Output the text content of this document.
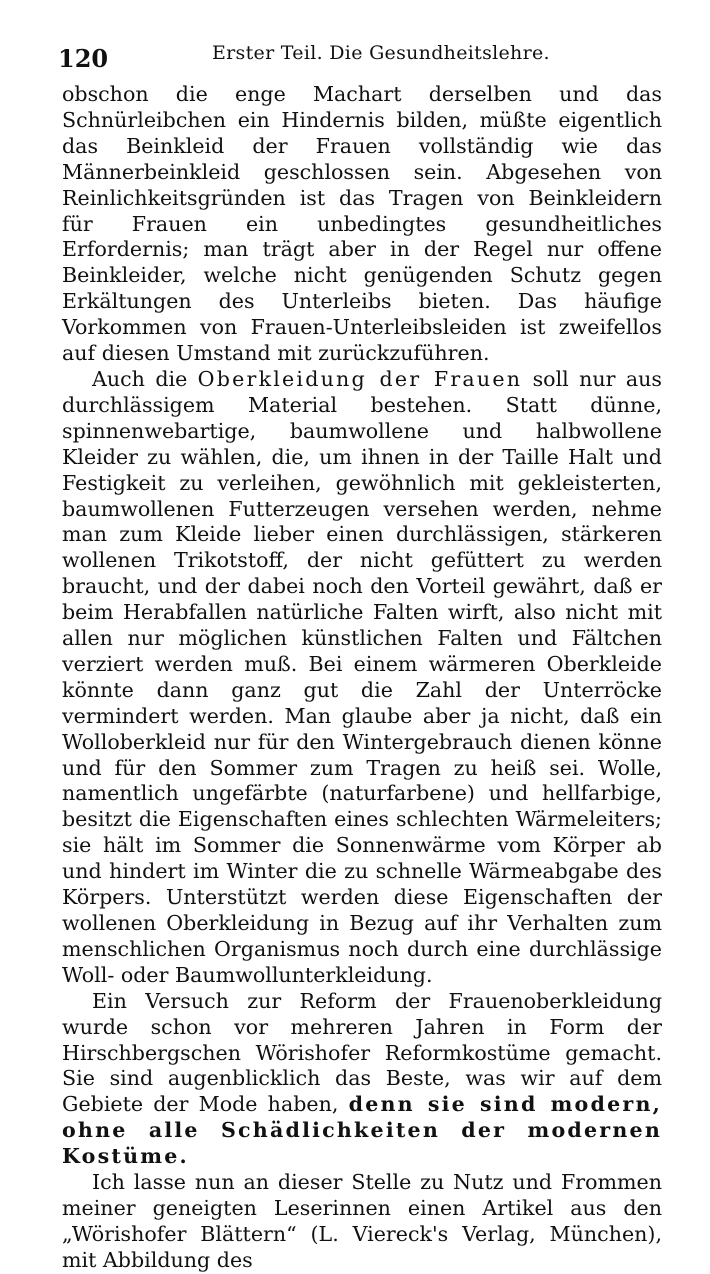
120	Erster Teil. Die Gesundheitslehre.

obschon die enge Machart derselben und das Schnürleibchen ein Hindernis bilden, müßte eigentlich das Beinkleid der Frauen vollständig wie das Männerbeinkleid geschlossen sein. Abgesehen von Reinlichkeitsgründen ist das Tragen von Beinkleidern für Frauen ein unbedingtes gesundheitliches Erfordernis; man trägt aber in der Regel nur offene Beinkleider, welche nicht genügenden Schutz gegen Erkältungen des Unterleibs bieten. Das häufige Vorkommen von Frauen-Unterleibsleiden ist zweifellos auf diesen Umstand mit zurückzuführen.

Auch die Oberkleidung der Frauen soll nur aus durchlässigem Material bestehen. Statt dünne, spinnenwebartige, baumwollene und halbwollene Kleider zu wählen, die, um ihnen in der Taille Halt und Festigkeit zu verleihen, gewöhnlich mit gekleisterten, baumwollenen Futterzeugen versehen werden, nehme man zum Kleide lieber einen durchlässigen, stärkeren wollenen Trikotstoff, der nicht gefüttert zu werden braucht, und der dabei noch den Vorteil gewährt, daß er beim Herabfallen natürliche Falten wirft, also nicht mit allen nur möglichen künstlichen Falten und Fältchen verziert werden muß. Bei einem wärmeren Oberkleide könnte dann ganz gut die Zahl der Unterröcke vermindert werden. Man glaube aber ja nicht, daß ein Wolloberkleid nur für den Wintergebrauch dienen könne und für den Sommer zum Tragen zu heiß sei. Wolle, namentlich ungefärbte (naturfarbene) und hellfarbige, besitzt die Eigenschaften eines schlechten Wärmeleiters; sie hält im Sommer die Sonnenwärme vom Körper ab und hindert im Winter die zu schnelle Wärmeabgabe des Körpers. Unterstützt werden diese Eigenschaften der wollenen Oberkleidung in Bezug auf ihr Verhalten zum menschlichen Organismus noch durch eine durchlässige Woll- oder Baumwollunterkleidung.

Ein Versuch zur Reform der Frauenoberkleidung wurde schon vor mehreren Jahren in Form der Hirschbergschen Wörishofer Reformkostüme gemacht. Sie sind augenblicklich das Beste, was wir auf dem Gebiete der Mode haben, denn sie sind modern, ohne alle Schädlichkeiten der modernen Kostüme.

Ich lasse nun an dieser Stelle zu Nutz und Frommen meiner geneigten Leserinnen einen Artikel aus den „Wörishofer Blättern“ (L. Viereck's Verlag, München), mit Abbildung des
